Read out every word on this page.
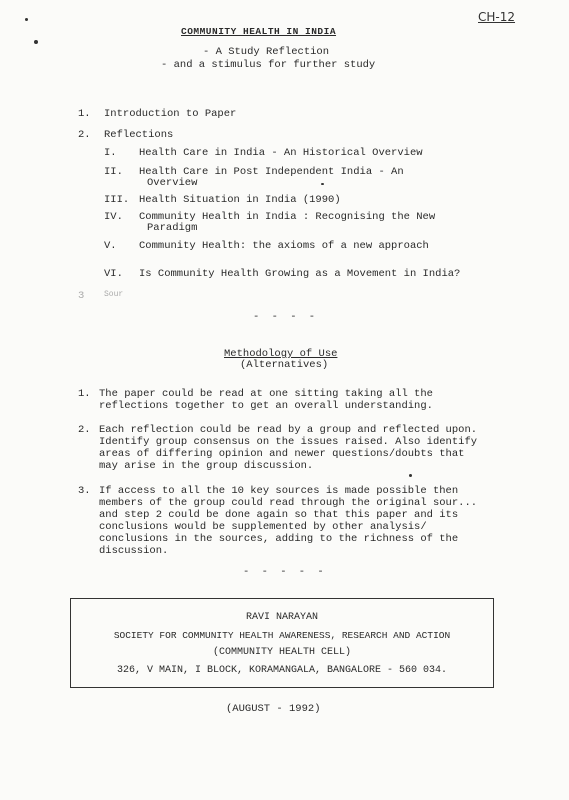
CH-12
COMMUNITY HEALTH IN INDIA
- A Study Reflection
- and a stimulus for further study
1. Introduction to Paper
2. Reflections
I. Health Care in India - An Historical Overview
II. Health Care in Post Independent India - An
Overview
III. Health Situation in India (1990)
IV. Community Health in India : Recognising the New
Paradigm
V. Community Health: the axioms of a new approach
VI. Is Community Health Growing as a Movement in India?
3 Sour
- - - -
Methodology of Use
(Alternatives)
1. The paper could be read at one sitting taking all the
reflections together to get an overall understanding.
2. Each reflection could be read by a group and reflected upon.
Identify group consensus on the issues raised. Also identify
areas of differing opinion and newer questions/doubts that
may arise in the group discussion.
3. If access to all the 10 key sources is made possible then
members of the group could read through the original sour...
and step 2 could be done again so that this paper and its
conclusions would be supplemented by other analysis/
conclusions in the sources, adding to the richness of the
discussion.
- - - - -
RAVI NARAYAN
SOCIETY FOR COMMUNITY HEALTH AWARENESS, RESEARCH AND ACTION
(COMMUNITY HEALTH CELL)
326, V MAIN, I BLOCK, KORAMANGALA, BANGALORE - 560 034.
(AUGUST - 1992)
